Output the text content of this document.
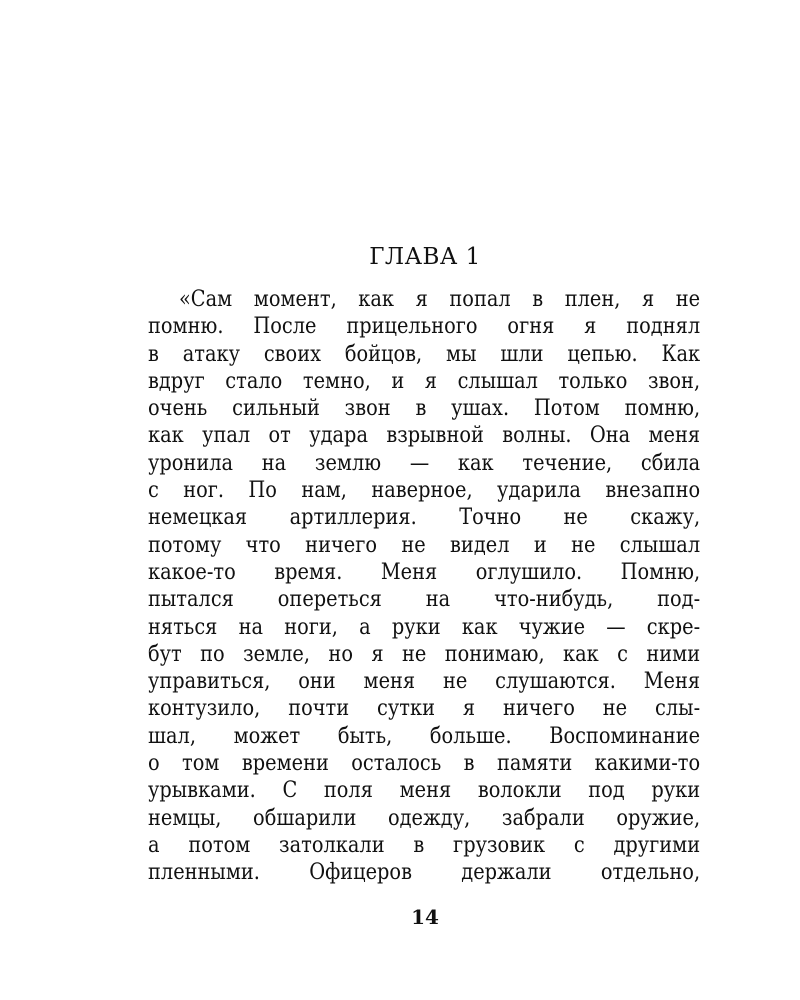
ГЛАВА 1
«Сам момент, как я попал в плен, я не
помню. После прицельного огня я поднял
в атаку своих бойцов, мы шли цепью. Как
вдруг стало темно, и я слышал только звон,
очень сильный звон в ушах. Потом помню,
как упал от удара взрывной волны. Она меня
уронила на землю — как течение, сбила
с ног. По нам, наверное, ударила внезапно
немецкая артиллерия. Точно не скажу,
потому что ничего не видел и не слышал
какое-то время. Меня оглушило. Помню,
пытался опереться на что-нибудь, под-
няться на ноги, а руки как чужие — скре-
бут по земле, но я не понимаю, как с ними
управиться, они меня не слушаются. Меня
контузило, почти сутки я ничего не слы-
шал, может быть, больше. Воспоминание
о том времени осталось в памяти какими-то
урывками. С поля меня волокли под руки
немцы, обшарили одежду, забрали оружие,
а потом затолкали в грузовик с другими
пленными. Офицеров держали отдельно,
14
